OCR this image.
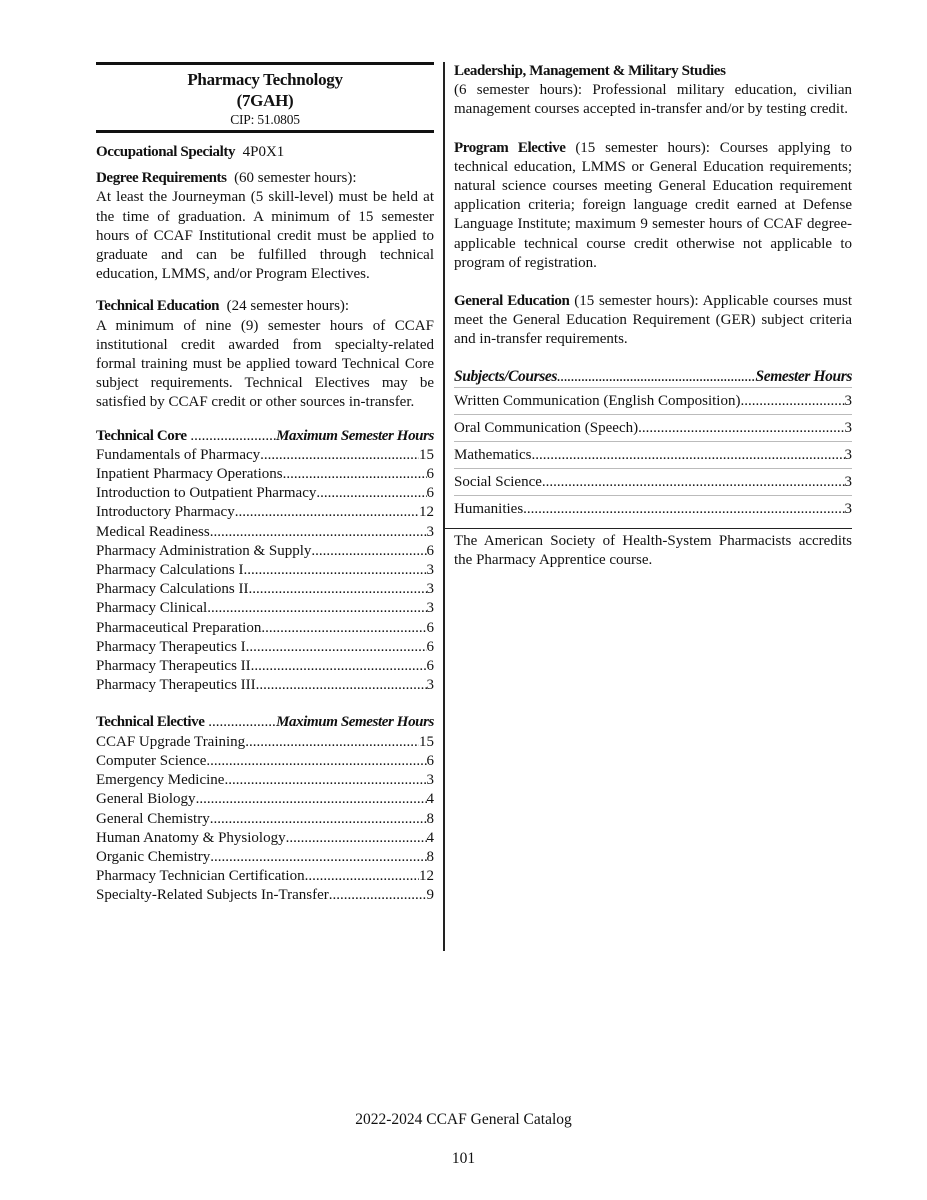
Pharmacy Technology
(7GAH)
CIP: 51.0805

Occupational Specialty 4P0X1

Degree Requirements (60 semester hours):
At least the Journeyman (5 skill-level) must be held at the time of graduation. A minimum of 15 semester hours of CCAF Institutional credit must be applied to graduate and can be fulfilled through technical education, LMMS, and/or Program Electives.

Technical Education (24 semester hours):
A minimum of nine (9) semester hours of CCAF institutional credit awarded from specialty-related formal training must be applied toward Technical Core subject requirements. Technical Electives may be satisfied by CCAF credit or other sources in-transfer.

Technical Core .....	Maximum Semester Hours
Fundamentals of Pharmacy .....	15
Inpatient Pharmacy Operations .....	6
Introduction to Outpatient Pharmacy .....	6
Introductory Pharmacy .....	12
Medical Readiness .....	3
Pharmacy Administration & Supply .....	6
Pharmacy Calculations I .....	3
Pharmacy Calculations II .....	3
Pharmacy Clinical .....	3
Pharmaceutical Preparation .....	6
Pharmacy Therapeutics I .....	6
Pharmacy Therapeutics II .....	6
Pharmacy Therapeutics III .....	3
Technical Elective .....	Maximum Semester Hours
CCAF Upgrade Training .....	15
Computer Science .....	6
Emergency Medicine .....	3
General Biology .....	4
General Chemistry .....	8
Human Anatomy & Physiology .....	4
Organic Chemistry .....	8
Pharmacy Technician Certification .....	12
Specialty-Related Subjects In-Transfer .....	9

Leadership, Management & Military Studies
(6 semester hours): Professional military education, civilian management courses accepted in-transfer and/or by testing credit.

Program Elective (15 semester hours): Courses applying to technical education, LMMS or General Education requirements; natural science courses meeting General Education requirement application criteria; foreign language credit earned at Defense Language Institute; maximum 9 semester hours of CCAF degree-applicable technical course credit otherwise not applicable to program of registration.

General Education (15 semester hours): Applicable courses must meet the General Education Requirement (GER) subject criteria and in-transfer requirements.

Subjects/Courses .....	Semester Hours
Written Communication (English Composition) .....	3
Oral Communication (Speech) .....	3
Mathematics .....	3
Social Science .....	3
Humanities .....	3

The American Society of Health-System Pharmacists accredits the Pharmacy Apprentice course.

2022-2024 CCAF General Catalog
101
